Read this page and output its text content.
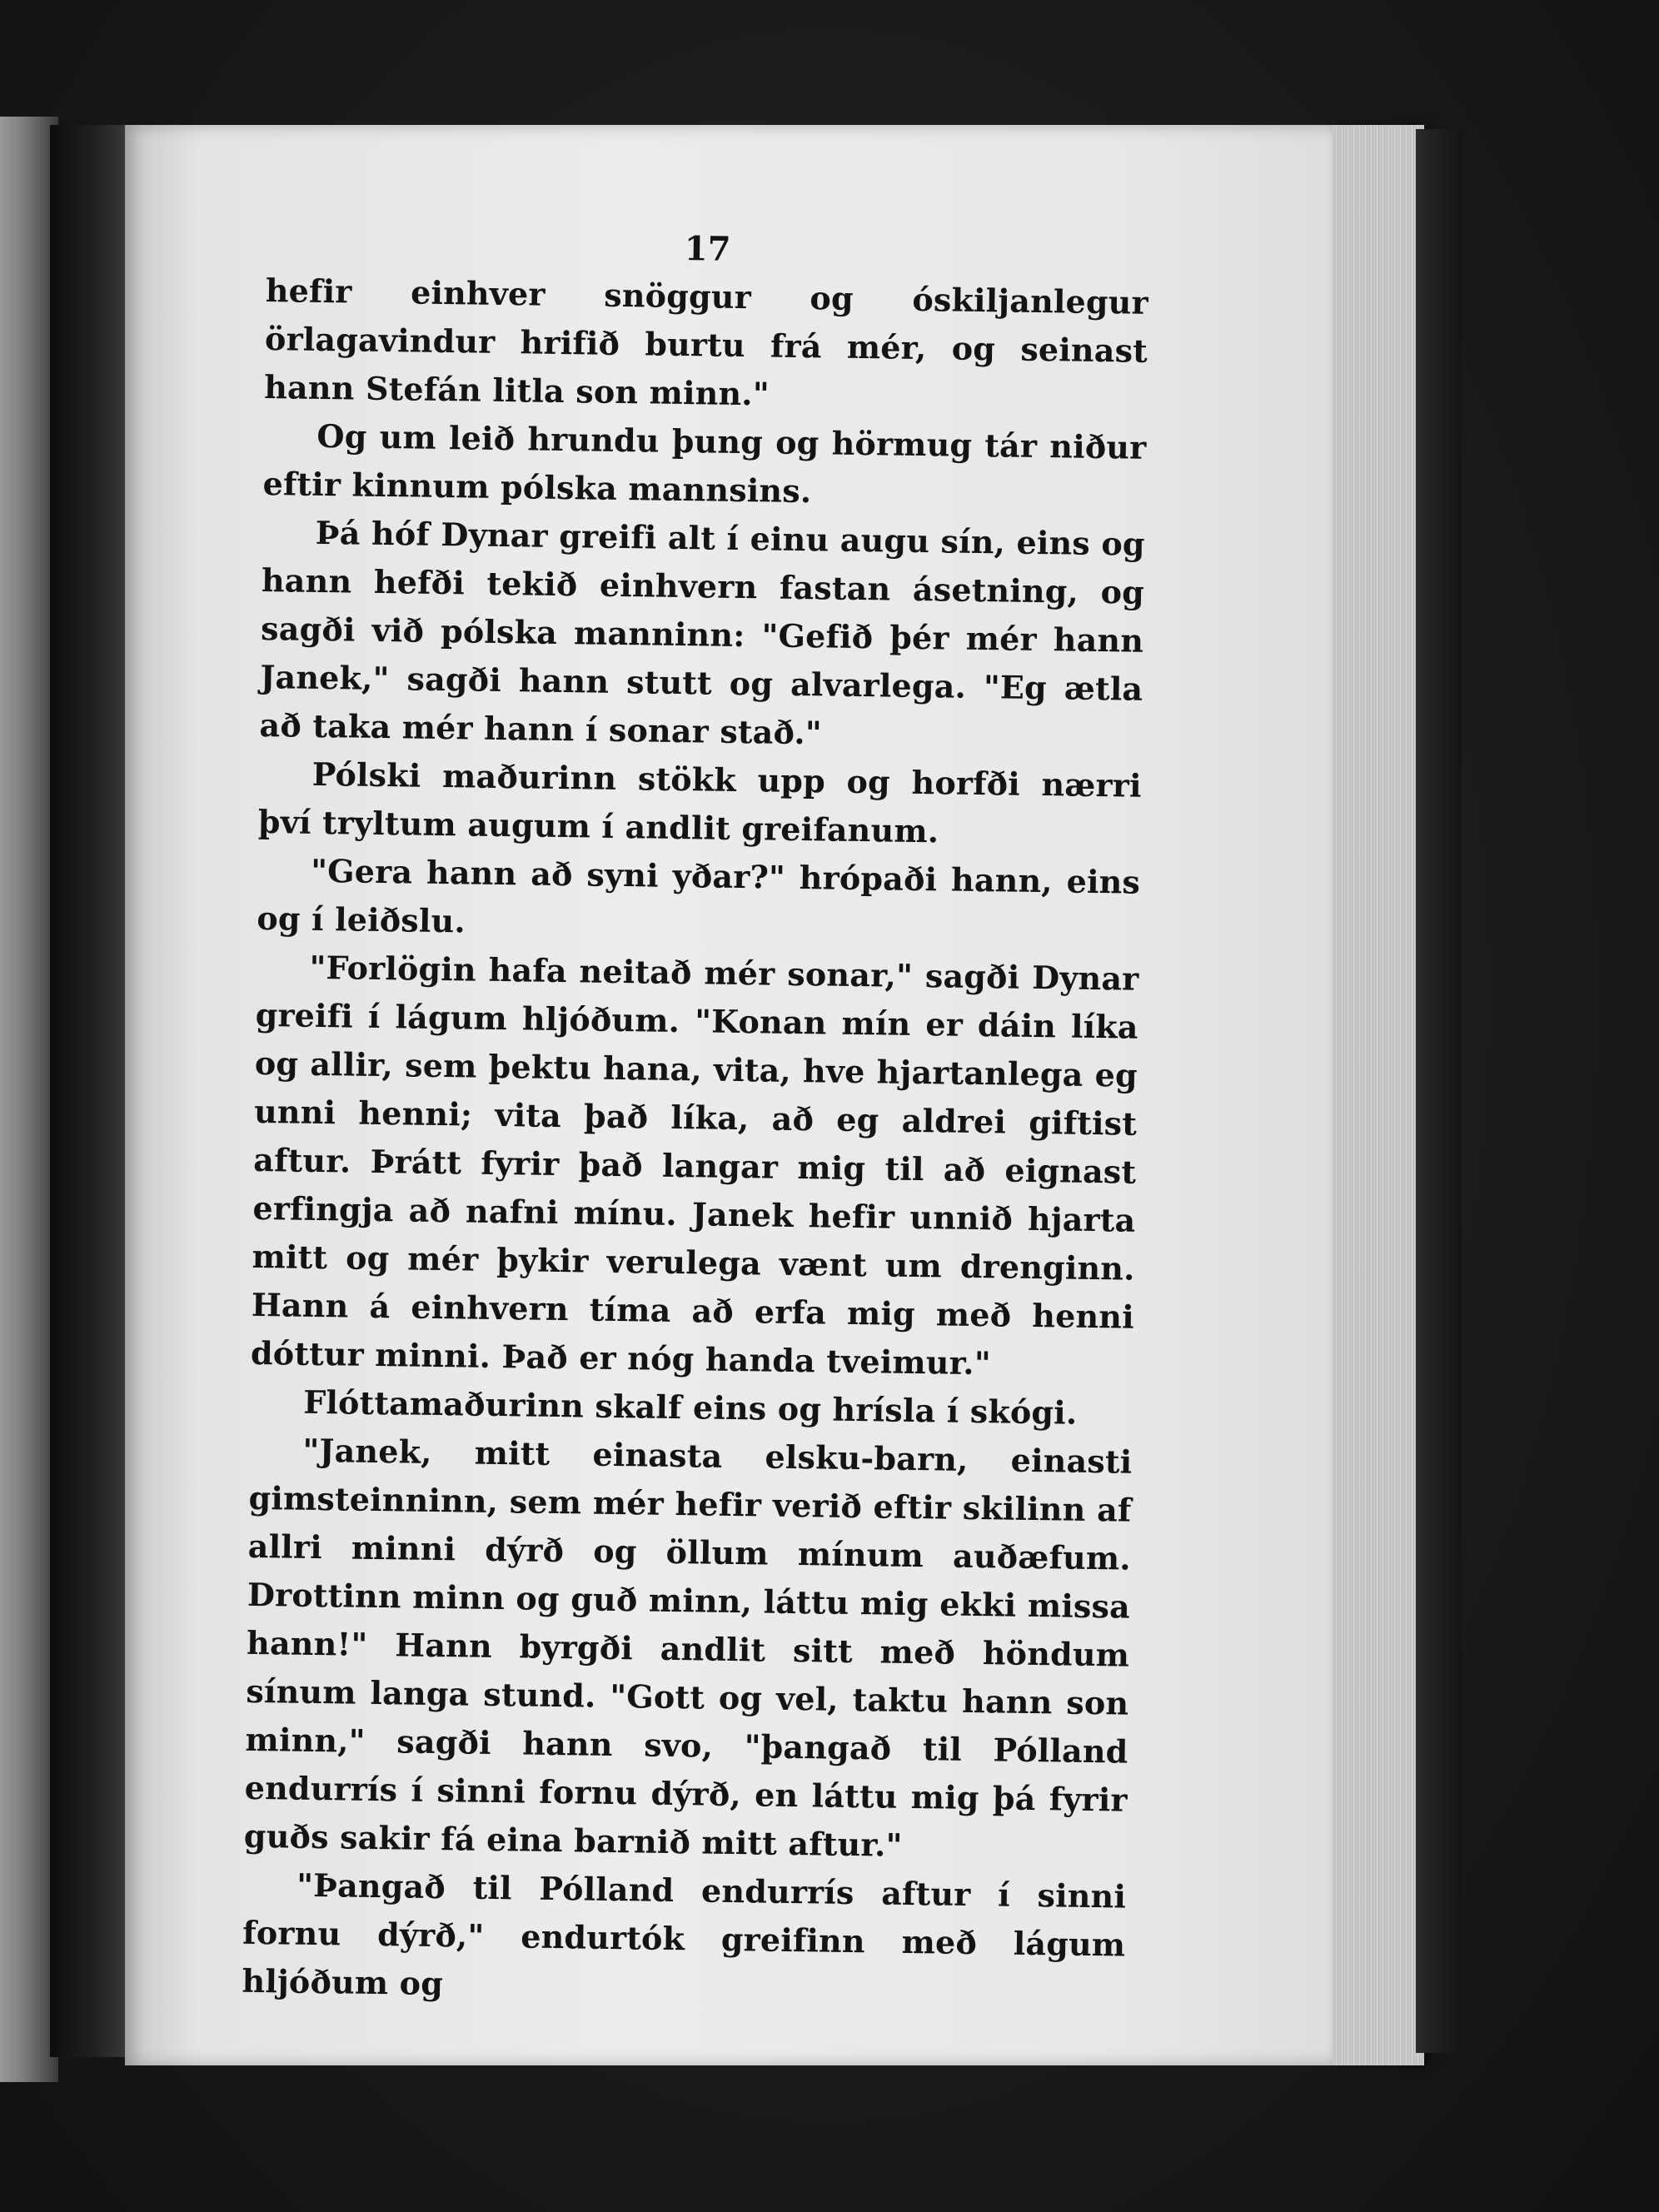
17

hefir einhver snöggur og óskiljanlegur örlagavindur hrifið burtu frá mér, og seinast hann Stefán litla son minn."

Og um leið hrundu þung og hörmug tár niður eftir kinnum pólska mannsins.

Þá hóf Dynar greifi alt í einu augu sín, eins og hann hefði tekið einhvern fastan ásetning, og sagði við pólska manninn: "Gefið þér mér hann Janek," sagði hann stutt og alvarlega. "Eg ætla að taka mér hann í sonar stað."

Pólski maðurinn stökk upp og horfði nærri því tryltum augum í andlit greifanum.

"Gera hann að syni yðar?" hrópaði hann, eins og í leiðslu.

"Forlögin hafa neitað mér sonar," sagði Dynar greifi í lágum hljóðum. "Konan mín er dáin líka og allir, sem þektu hana, vita, hve hjartanlega eg unni henni; vita það líka, að eg aldrei giftist aftur. Þrátt fyrir það langar mig til að eignast erfingja að nafni mínu. Janek hefir unnið hjarta mitt og mér þykir verulega vænt um drenginn. Hann á einhvern tíma að erfa mig með henni dóttur minni. Það er nóg handa tveimur."

Flóttamaðurinn skalf eins og hrísla í skógi.

"Janek, mitt einasta elsku-barn, einasti gimsteinninn, sem mér hefir verið eftir skilinn af allri minni dýrð og öllum mínum auðæfum. Drottinn minn og guð minn, láttu mig ekki missa hann!" Hann byrgði andlit sitt með höndum sínum langa stund. "Gott og vel, taktu hann son minn," sagði hann svo, "þangað til Pólland endurrís í sinni fornu dýrð, en láttu mig þá fyrir guðs sakir fá eina barnið mitt aftur."

"Þangað til Pólland endurrís aftur í sinni fornu dýrð," endurtók greifinn með lágum hljóðum og
